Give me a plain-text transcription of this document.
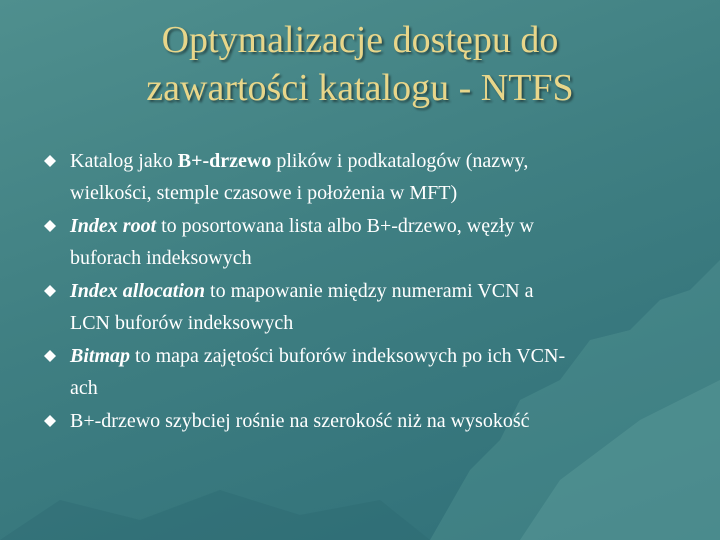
Optymalizacje dostępu do
zawartości katalogu - NTFS
Katalog jako B+-drzewo plików i podkatalogów (nazwy,
wielkości, stemple czasowe i położenia w MFT)
Index root to posortowana lista albo B+-drzewo, węzły w
buforach indeksowych
Index allocation to mapowanie między numerami VCN a
LCN buforów indeksowych
Bitmap to mapa zajętości buforów indeksowych po ich VCN-
ach
B+-drzewo szybciej rośnie na szerokość niż na wysokość
